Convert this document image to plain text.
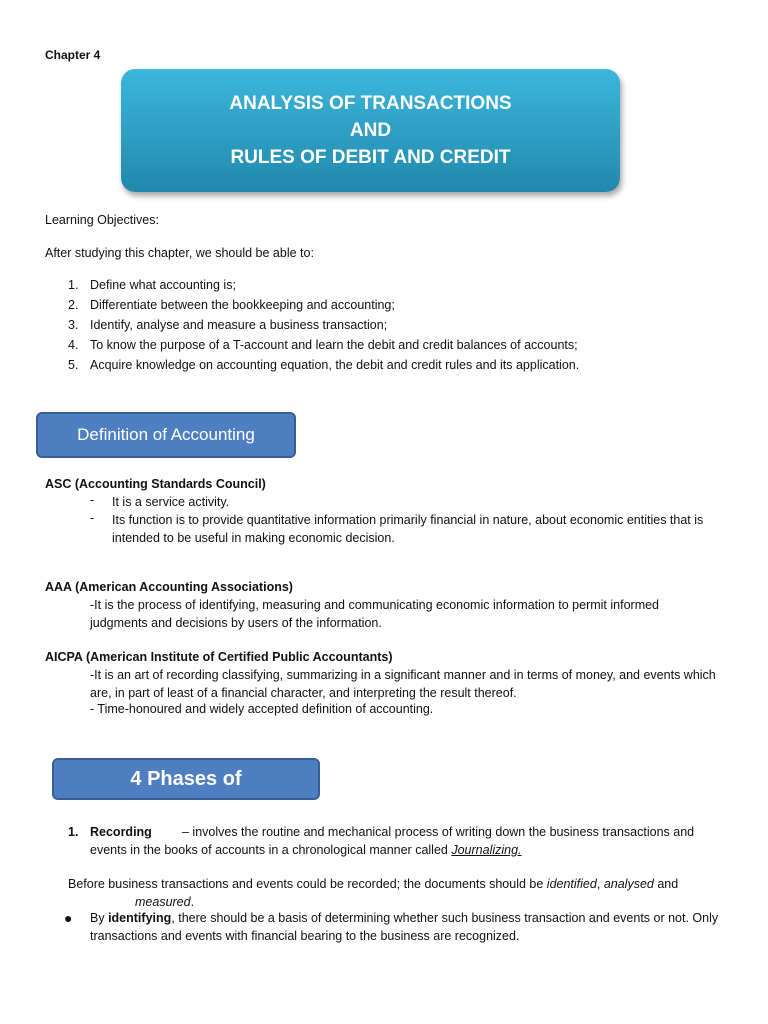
Chapter 4
ANALYSIS OF TRANSACTIONS
AND
RULES OF DEBIT AND CREDIT
Learning Objectives:
After studying this chapter, we should be able to:
1. Define what accounting is;
2. Differentiate between the bookkeeping and accounting;
3. Identify, analyse and measure a business transaction;
4. To know the purpose of a T-account and learn the debit and credit balances of accounts;
5. Acquire knowledge on accounting equation, the debit and credit rules and its application.
Definition of Accounting
ASC (Accounting Standards Council)
-	It is a service activity.
-	Its function is to provide quantitative information primarily financial in nature, about economic entities that is intended to be useful in making economic decision.
AAA (American Accounting Associations)
-It is the process of identifying, measuring and communicating economic information to permit informed judgments and decisions by users of the information.
AICPA (American Institute of Certified Public Accountants)
-It is an art of recording classifying, summarizing in a significant manner and in terms of money, and events which are, in part of least of a financial character, and interpreting the result thereof.
- Time-honoured and widely accepted definition of accounting.
4 Phases of
1. Recording – involves the routine and mechanical process of writing down the business transactions and events in the books of accounts in a chronological manner called Journalizing.
Before business transactions and events could be recorded; the documents should be identified, analysed and
measured.
●	By identifying, there should be a basis of determining whether such business transaction and events or not. Only transactions and events with financial bearing to the business are recognized.
